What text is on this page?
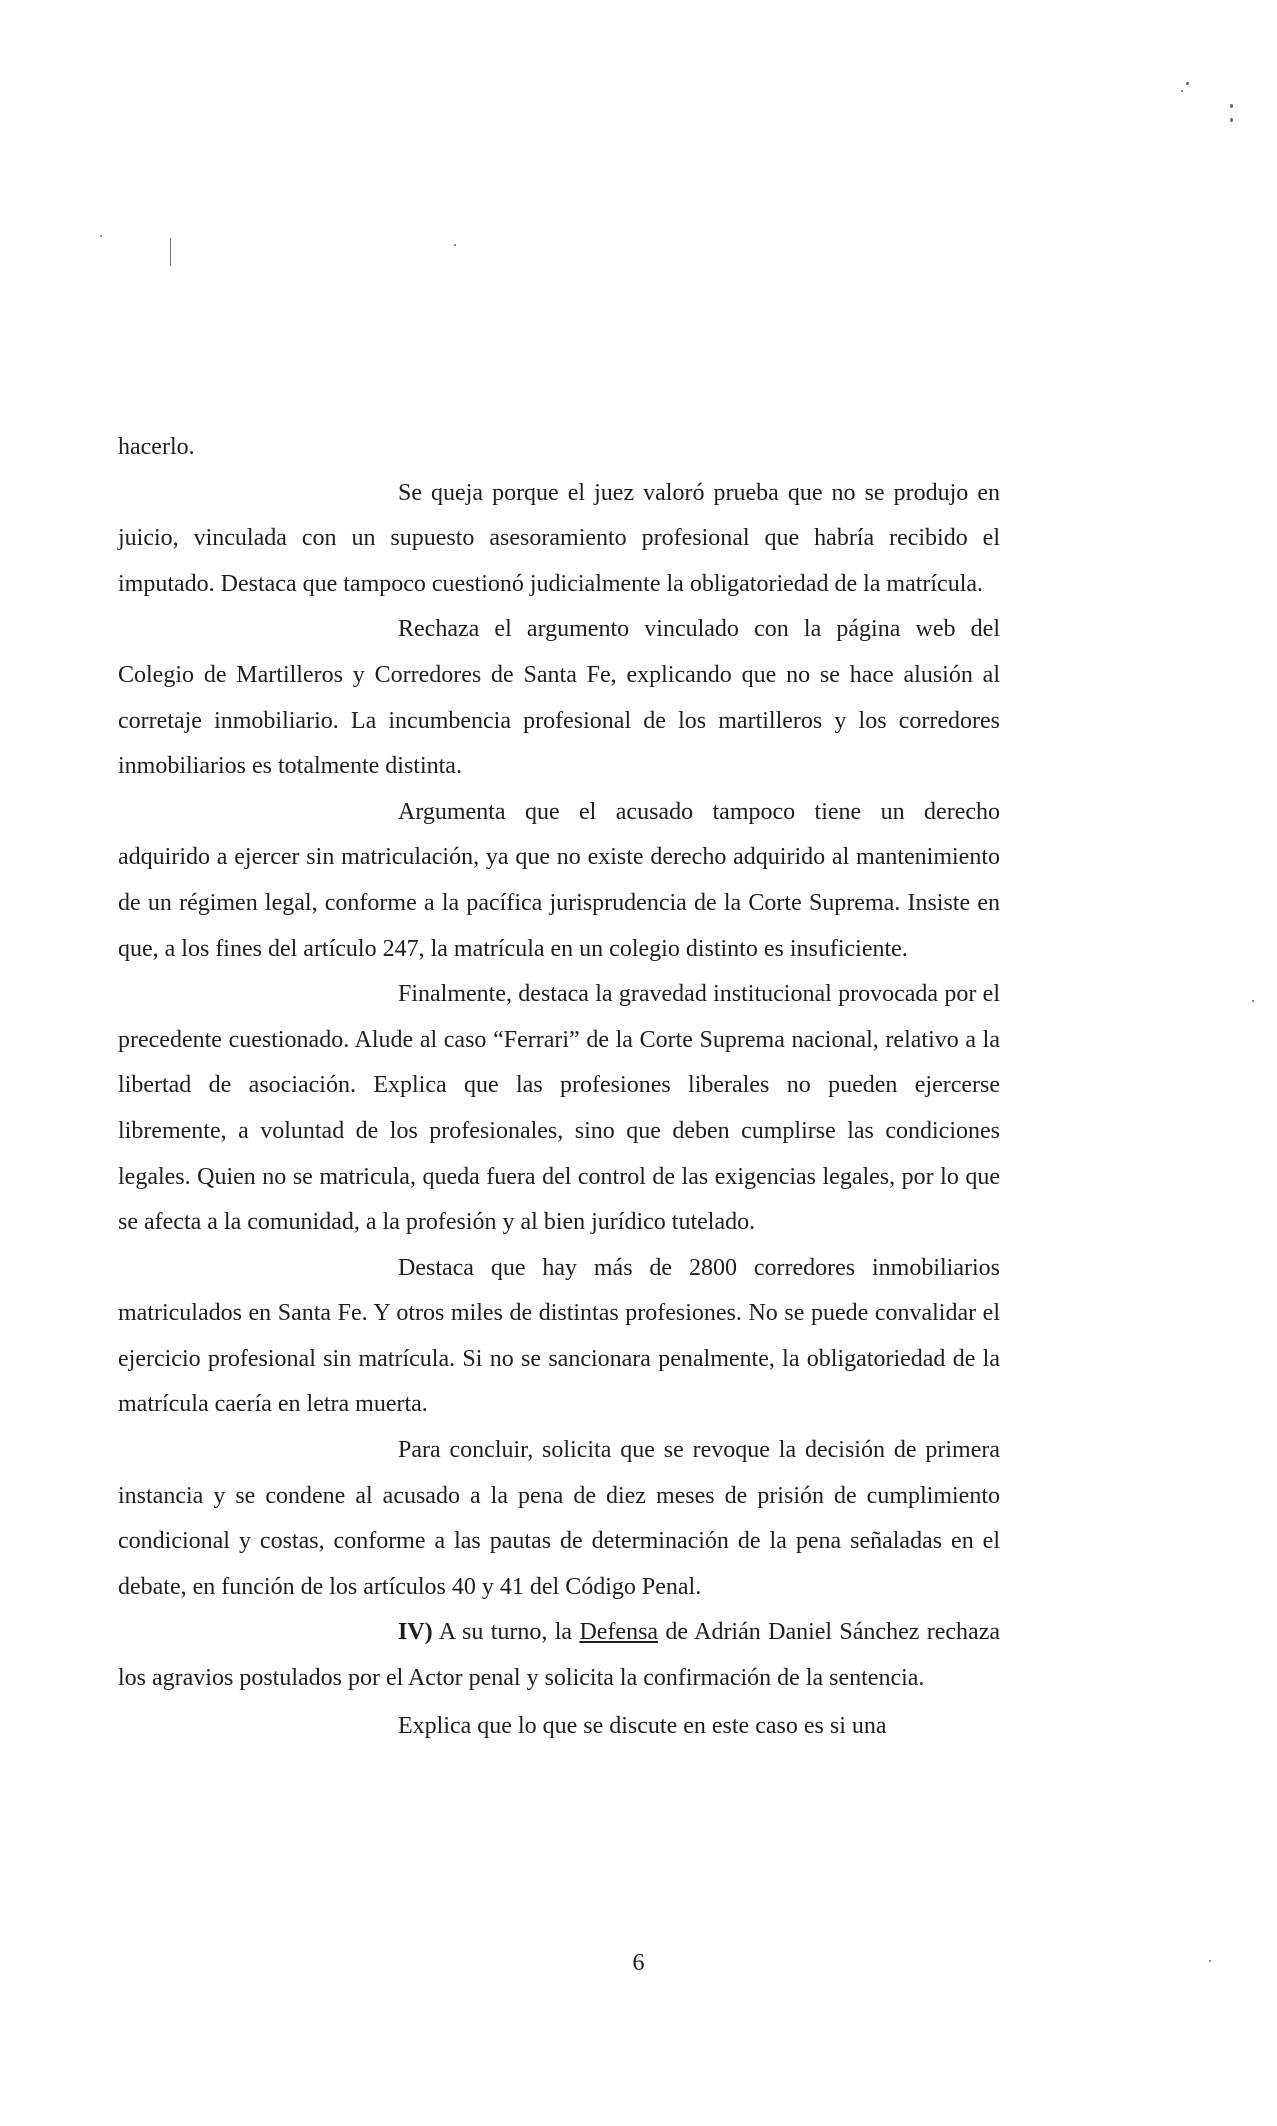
hacerlo.

Se queja porque el juez valoró prueba que no se produjo en juicio, vinculada con un supuesto asesoramiento profesional que habría recibido el imputado. Destaca que tampoco cuestionó judicialmente la obligatoriedad de la matrícula.

Rechaza el argumento vinculado con la página web del Colegio de Martilleros y Corredores de Santa Fe, explicando que no se hace alusión al corretaje inmobiliario. La incumbencia profesional de los martilleros y los corredores inmobiliarios es totalmente distinta.

Argumenta que el acusado tampoco tiene un derecho adquirido a ejercer sin matriculación, ya que no existe derecho adquirido al mantenimiento de un régimen legal, conforme a la pacífica jurisprudencia de la Corte Suprema. Insiste en que, a los fines del artículo 247, la matrícula en un colegio distinto es insuficiente.

Finalmente, destaca la gravedad institucional provocada por el precedente cuestionado. Alude al caso “Ferrari” de la Corte Suprema nacional, relativo a la libertad de asociación. Explica que las profesiones liberales no pueden ejercerse libremente, a voluntad de los profesionales, sino que deben cumplirse las condiciones legales. Quien no se matricula, queda fuera del control de las exigencias legales, por lo que se afecta a la comunidad, a la profesión y al bien jurídico tutelado.

Destaca que hay más de 2800 corredores inmobiliarios matriculados en Santa Fe. Y otros miles de distintas profesiones. No se puede convalidar el ejercicio profesional sin matrícula. Si no se sancionara penalmente, la obligatoriedad de la matrícula caería en letra muerta.

Para concluir, solicita que se revoque la decisión de primera instancia y se condene al acusado a la pena de diez meses de prisión de cumplimiento condicional y costas, conforme a las pautas de determinación de la pena señaladas en el debate, en función de los artículos 40 y 41 del Código Penal.

IV) A su turno, la Defensa de Adrián Daniel Sánchez rechaza los agravios postulados por el Actor penal y solicita la confirmación de la sentencia.

Explica que lo que se discute en este caso es si una

6
